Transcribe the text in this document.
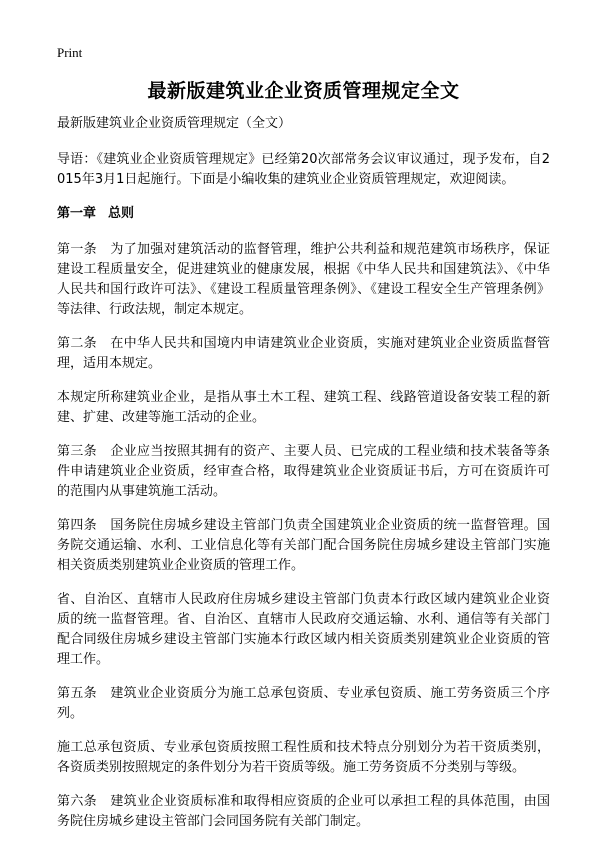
Print
最新版建筑业企业资质管理规定全文
最新版建筑业企业资质管理规定（全文）
导语：《建筑业企业资质管理规定》已经第20次部常务会议审议通过，现予发布，自2015年3月1日起施行。下面是小编收集的建筑业企业资质管理规定，欢迎阅读。
第一章 总则
第一条　为了加强对建筑活动的监督管理，维护公共利益和规范建筑市场秩序，保证建设工程质量安全，促进建筑业的健康发展，根据《中华人民共和国建筑法》、《中华人民共和国行政许可法》、《建设工程质量管理条例》、《建设工程安全生产管理条例》等法律、行政法规，制定本规定。
第二条　在中华人民共和国境内申请建筑业企业资质，实施对建筑业企业资质监督管理，适用本规定。
本规定所称建筑业企业，是指从事土木工程、建筑工程、线路管道设备安装工程的新建、扩建、改建等施工活动的企业。
第三条　企业应当按照其拥有的资产、主要人员、已完成的工程业绩和技术装备等条件申请建筑业企业资质，经审查合格，取得建筑业企业资质证书后，方可在资质许可的范围内从事建筑施工活动。
第四条　国务院住房城乡建设主管部门负责全国建筑业企业资质的统一监督管理。国务院交通运输、水利、工业信息化等有关部门配合国务院住房城乡建设主管部门实施相关资质类别建筑业企业资质的管理工作。
省、自治区、直辖市人民政府住房城乡建设主管部门负责本行政区域内建筑业企业资质的统一监督管理。省、自治区、直辖市人民政府交通运输、水利、通信等有关部门配合同级住房城乡建设主管部门实施本行政区域内相关资质类别建筑业企业资质的管理工作。
第五条　建筑业企业资质分为施工总承包资质、专业承包资质、施工劳务资质三个序列。
施工总承包资质、专业承包资质按照工程性质和技术特点分别划分为若干资质类别，各资质类别按照规定的条件划分为若干资质等级。施工劳务资质不分类别与等级。
第六条　建筑业企业资质标准和取得相应资质的企业可以承担工程的具体范围，由国务院住房城乡建设主管部门会同国务院有关部门制定。
